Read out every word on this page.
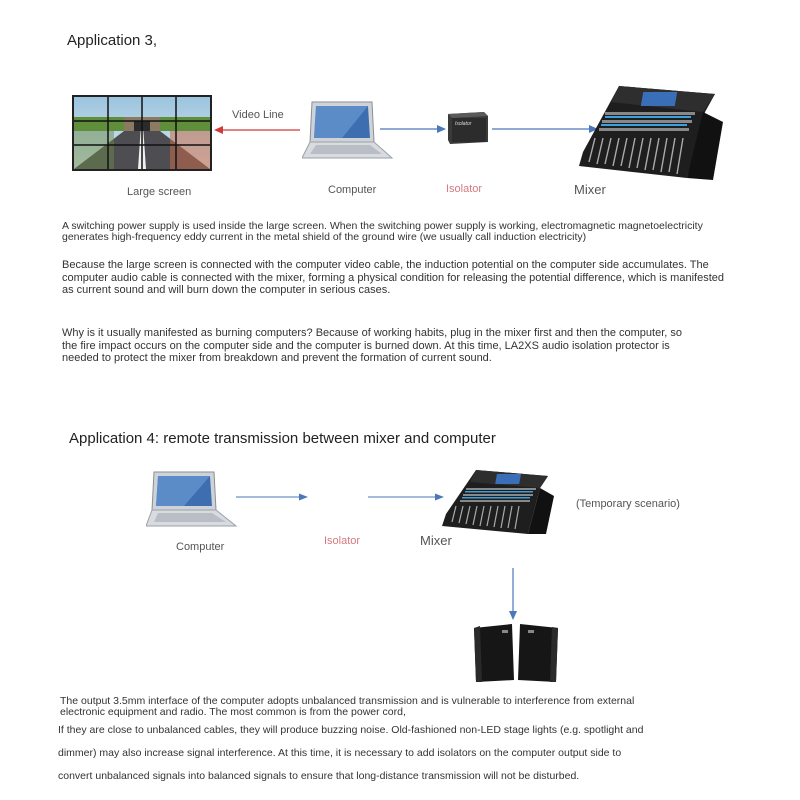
Application 3,
Large screen
Video Line
Computer
Isolator
Isolator	Mixer
A switching power supply is used inside the large screen. When the switching power supply is working, electromagnetic magnetoelectricity generates high-frequency eddy current in the metal shield of the ground wire (we usually call induction electricity)
Because the large screen is connected with the computer video cable, the induction potential on the computer side accumulates. The computer audio cable is connected with the mixer, forming a physical condition for releasing the potential difference, which is manifested as current sound and will burn down the computer in serious cases.
Why is it usually manifested as burning computers? Because of working habits, plug in the mixer first and then the computer, so the fire impact occurs on the computer side and the computer is burned down. At this time, LA2XS audio isolation protector is needed to protect the mixer from breakdown and prevent the formation of current sound.
Application 4: remote transmission between mixer and computer
Computer	Isolator	Mixer
(Temporary scenario)
The output 3.5mm interface of the computer adopts unbalanced transmission and is vulnerable to interference from external
electronic equipment and radio. The most common is from the power cord,
If they are close to unbalanced cables, they will produce buzzing noise. Old-fashioned non-LED stage lights (e.g. spotlight and
dimmer) may also increase signal interference. At this time, it is necessary to add isolators on the computer output side to
convert unbalanced signals into balanced signals to ensure that long-distance transmission will not be disturbed.
